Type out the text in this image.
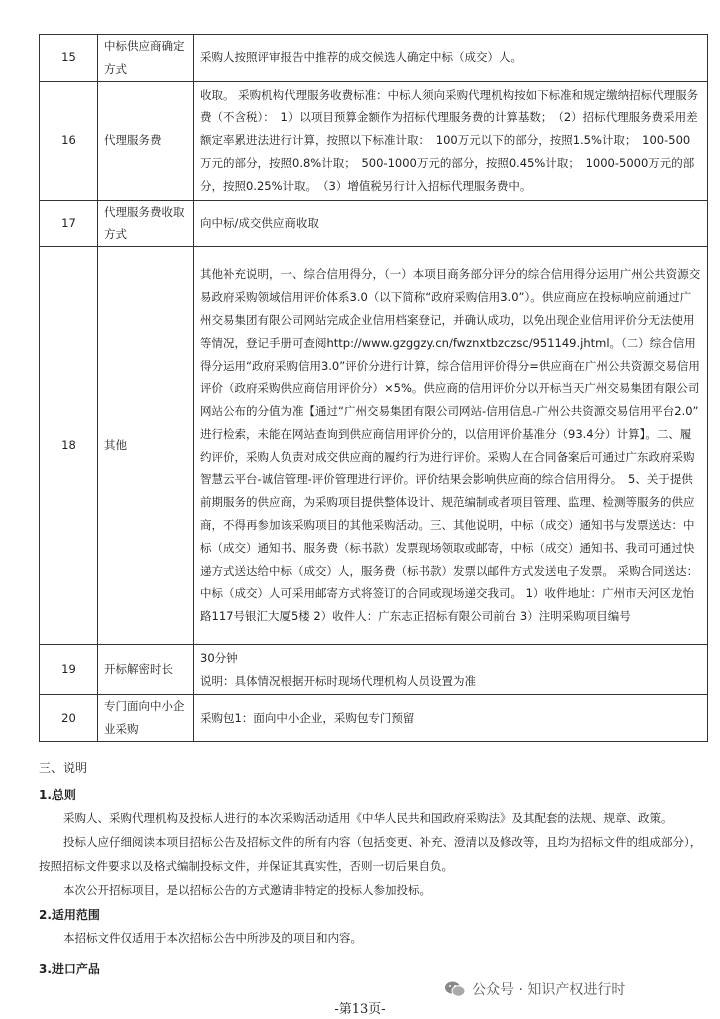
15	中标供应商确定方式	采购人按照评审报告中推荐的成交候选人确定中标（成交）人。
16	代理服务费	收取。 采购机构代理服务收费标准：中标人须向采购代理机构按如下标准和规定缴纳招标代理服务费（不含税）：　1）以项目预算金额作为招标代理服务费的计算基数；　（2）招标代理服务费采用差额定率累进法进行计算，按照以下标准计取：　100万元以下的部分，按照1.5%计取；　100-500万元的部分，按照0.8%计取；　500-1000万元的部分，按照0.45%计取；　1000-5000万元的部分，按照0.25%计取。　（3）增值税另行计入招标代理服务费中。
17	代理服务费收取方式	向中标/成交供应商收取
18	其他	其他补充说明，一、综合信用得分，（一）本项目商务部分评分的综合信用得分运用广州公共资源交易政府采购领域信用评价体系3.0（以下简称“政府采购信用3.0”）。供应商应在投标响应前通过广州交易集团有限公司网站完成企业信用档案登记，并确认成功，以免出现企业信用评价分无法使用等情况，登记手册可查阅http://www.gzggzy.cn/fwznxtbzczsc/951149.jhtml。（二）综合信用得分运用“政府采购信用3.0”评价分进行计算，综合信用评价得分=供应商在广州公共资源交易信用评价（政府采购供应商信用评价分）×5%。供应商的信用评价分以开标当天广州交易集团有限公司网站公布的分值为准【通过“广州交易集团有限公司网站-信用信息-广州公共资源交易信用平台2.0” 进行检索，未能在网站查询到供应商信用评价分的，以信用评价基准分（93.4分）计算】。二、履约评价，采购人负责对成交供应商的履约行为进行评价。采购人在合同备案后可通过广东政府采购智慧云平台-诚信管理-评价管理进行评价。评价结果会影响供应商的综合信用得分。　5、关于提供前期服务的供应商，为采购项目提供整体设计、规范编制或者项目管理、监理、检测等服务的供应商，不得再参加该采购项目的其他采购活动。三、其他说明，中标（成交）通知书与发票送达：中标（成交）通知书、服务费（标书款）发票现场领取或邮寄，中标（成交）通知书、我司可通过快递方式送达给中标（成交）人，服务费（标书款）发票以邮件方式发送电子发票。 采购合同送达：中标（成交）人可采用邮寄方式将签订的合同或现场递交我司。 1）收件地址：广州市天河区龙怡路117号银汇大厦5楼 2）收件人：广东志正招标有限公司前台 3）注明采购项目编号
19	开标解密时长	30分钟
说明：具体情况根据开标时现场代理机构人员设置为准

20	专门面向中小企业采购	采购包1：面向中小企业，采购包专门预留
三、说明
1.总则
采购人、采购代理机构及投标人进行的本次采购活动适用《中华人民共和国政府采购法》及其配套的法规、规章、政策。
投标人应仔细阅读本项目招标公告及招标文件的所有内容（包括变更、补充、澄清以及修改等，且均为招标文件的组成部分），按照招标文件要求以及格式编制投标文件，并保证其真实性，否则一切后果自负。
本次公开招标项目，是以招标公告的方式邀请非特定的投标人参加投标。
2.适用范围
本招标文件仅适用于本次招标公告中所涉及的项目和内容。
3.进口产品
公众号 · 知识产权进行时
-第13页-
